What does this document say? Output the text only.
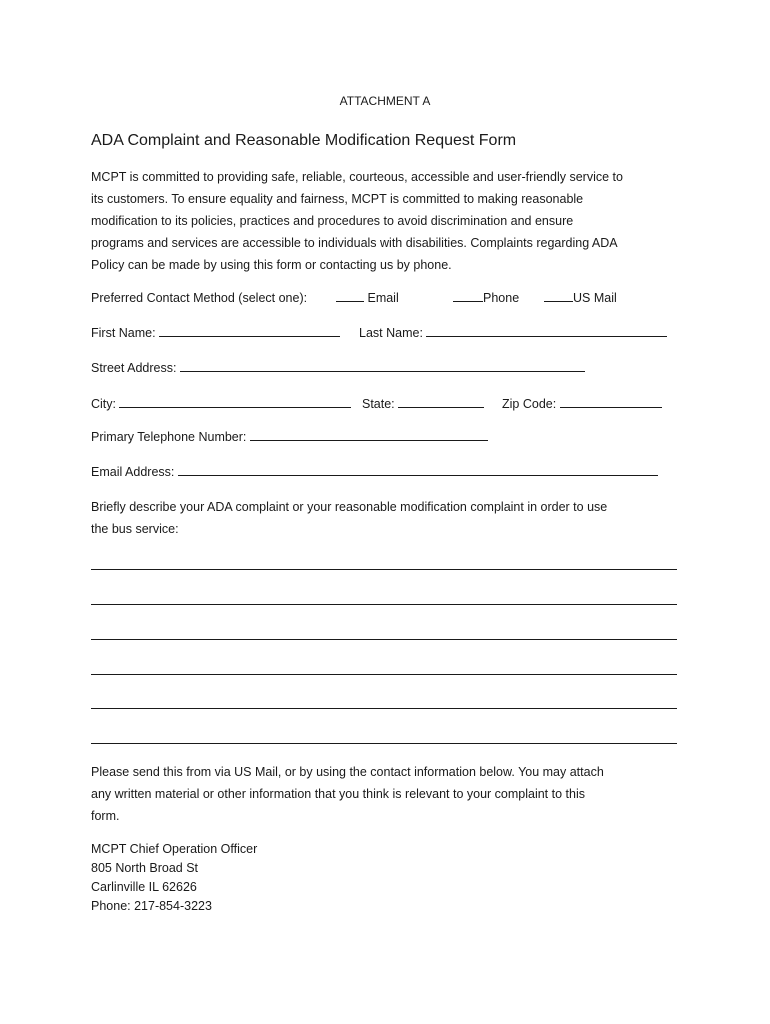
ATTACHMENT A
ADA Complaint and Reasonable Modification Request Form
MCPT is committed to providing safe, reliable, courteous, accessible and user-friendly service to
its customers. To ensure equality and fairness, MCPT is committed to making reasonable
modification to its policies, practices and procedures to avoid discrimination and ensure
programs and services are accessible to individuals with disabilities. Complaints regarding ADA
Policy can be made by using this form or contacting us by phone.
Preferred Contact Method (select one):	Email	Phone	US Mail
First Name:	Last Name:
Street Address:
City:	State:	Zip Code:
Primary Telephone Number:
Email Address:
Briefly describe your ADA complaint or your reasonable modification complaint in order to use
the bus service:
Please send this from via US Mail, or by using the contact information below. You may attach
any written material or other information that you think is relevant to your complaint to this
form.
MCPT Chief Operation Officer
805 North Broad St
Carlinville IL 62626
Phone: 217-854-3223
